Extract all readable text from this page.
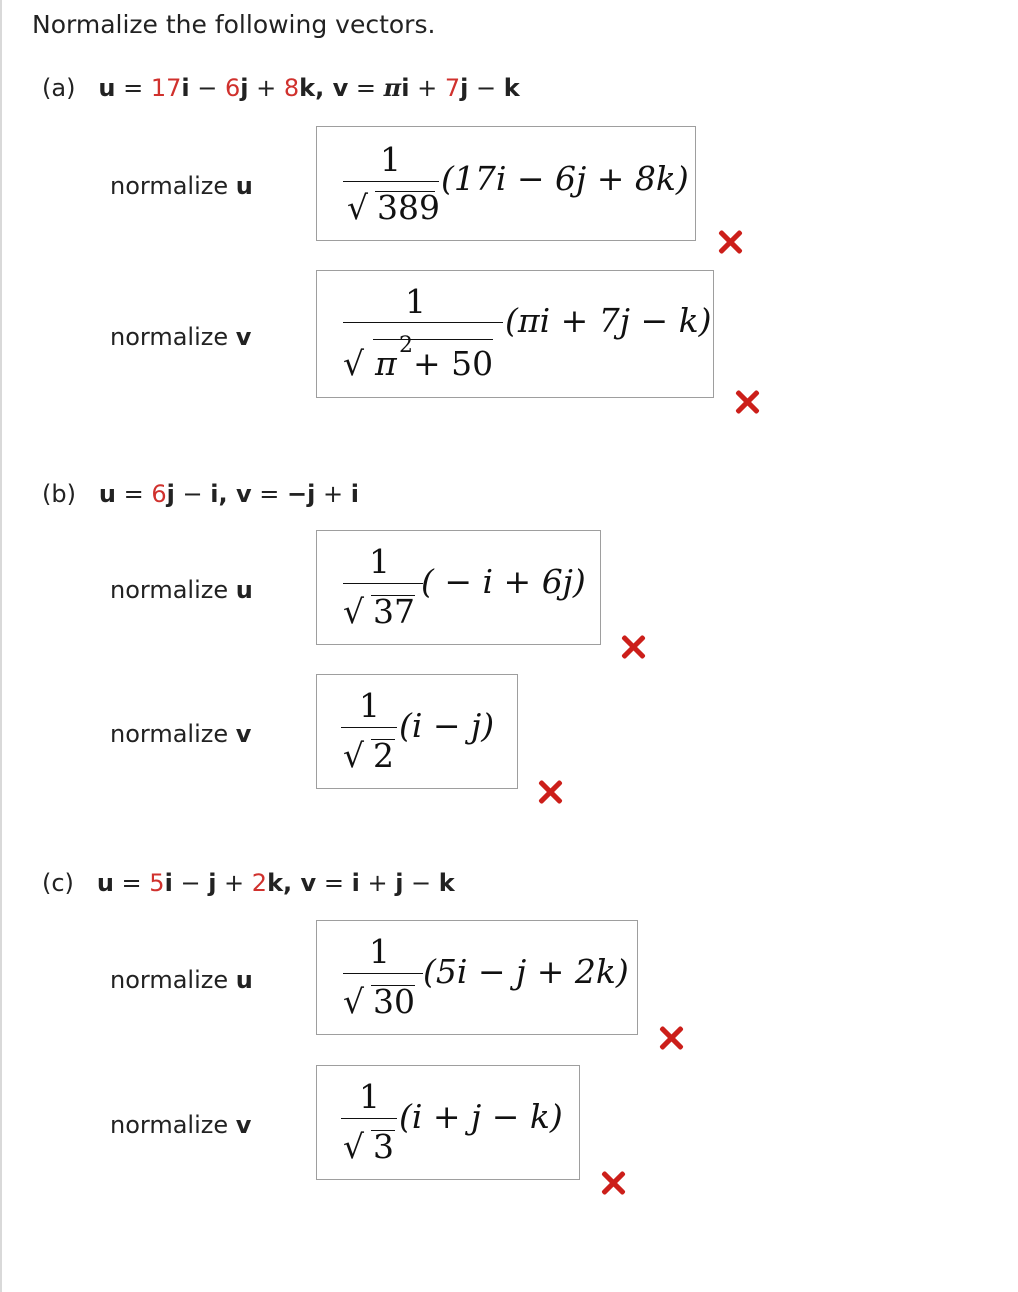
Normalize the following vectors.
(a) u = 17i − 6j + 8k, v = πi + 7j − k
normalize u
1
√ 389
(17i − 6j + 8k)
normalize v
1
√ π 2 + 50
(πi + 7j − k)
(b) u = 6j − i, v = −j + i
normalize u
1
√ 37
( − i + 6j)
normalize v
1
√ 2
(i − j)
(c) u = 5i − j + 2k, v = i + j − k
normalize u
1
√ 30
(5i − j + 2k)
normalize v
1
√ 3
(i + j − k)
